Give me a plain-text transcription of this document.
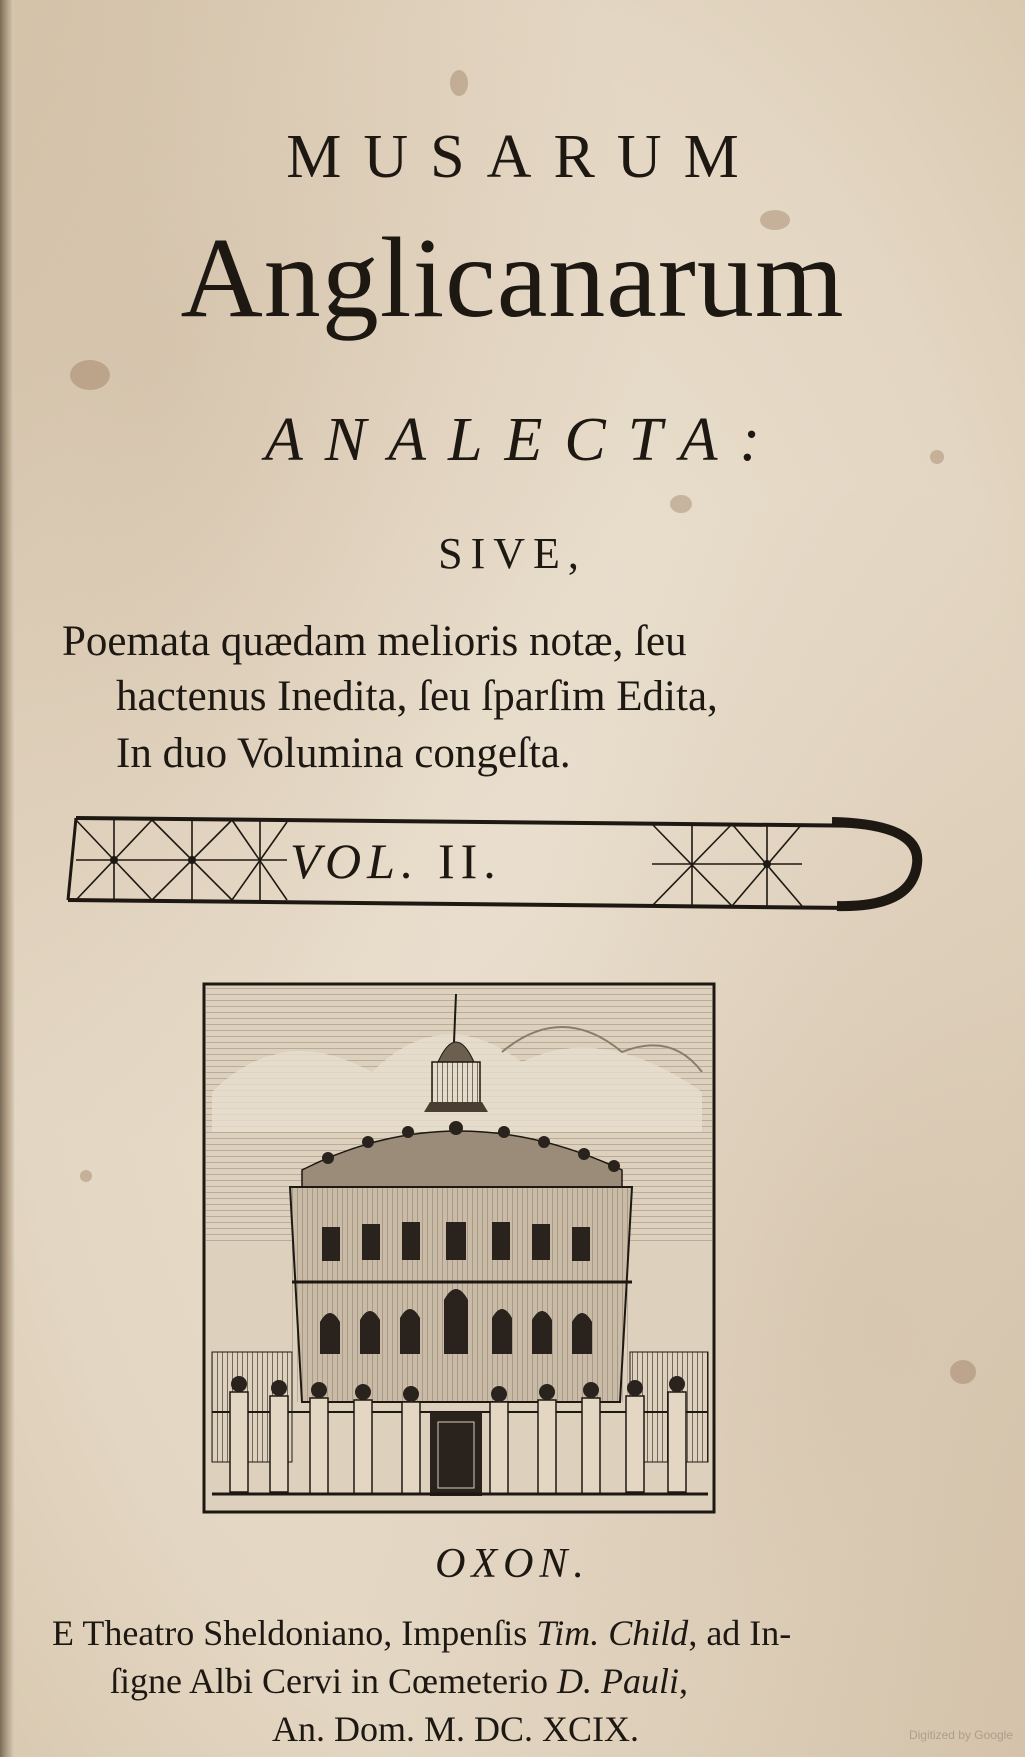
MUSARUM
Anglicanarum
ANALECTA:
SIVE,
Poemata quædam melioris notæ, ſeu
hactenus Inedita, ſeu ſparſim Edita,
In duo Volumina congeſta.
VOL. II.
OXON.
E Theatro Sheldoniano, Impenſis Tim. Child, ad In-
ſigne Albi Cervi in Cœmeterio D. Pauli,
An. Dom. M. DC. XCIX.	Digitized by Google
